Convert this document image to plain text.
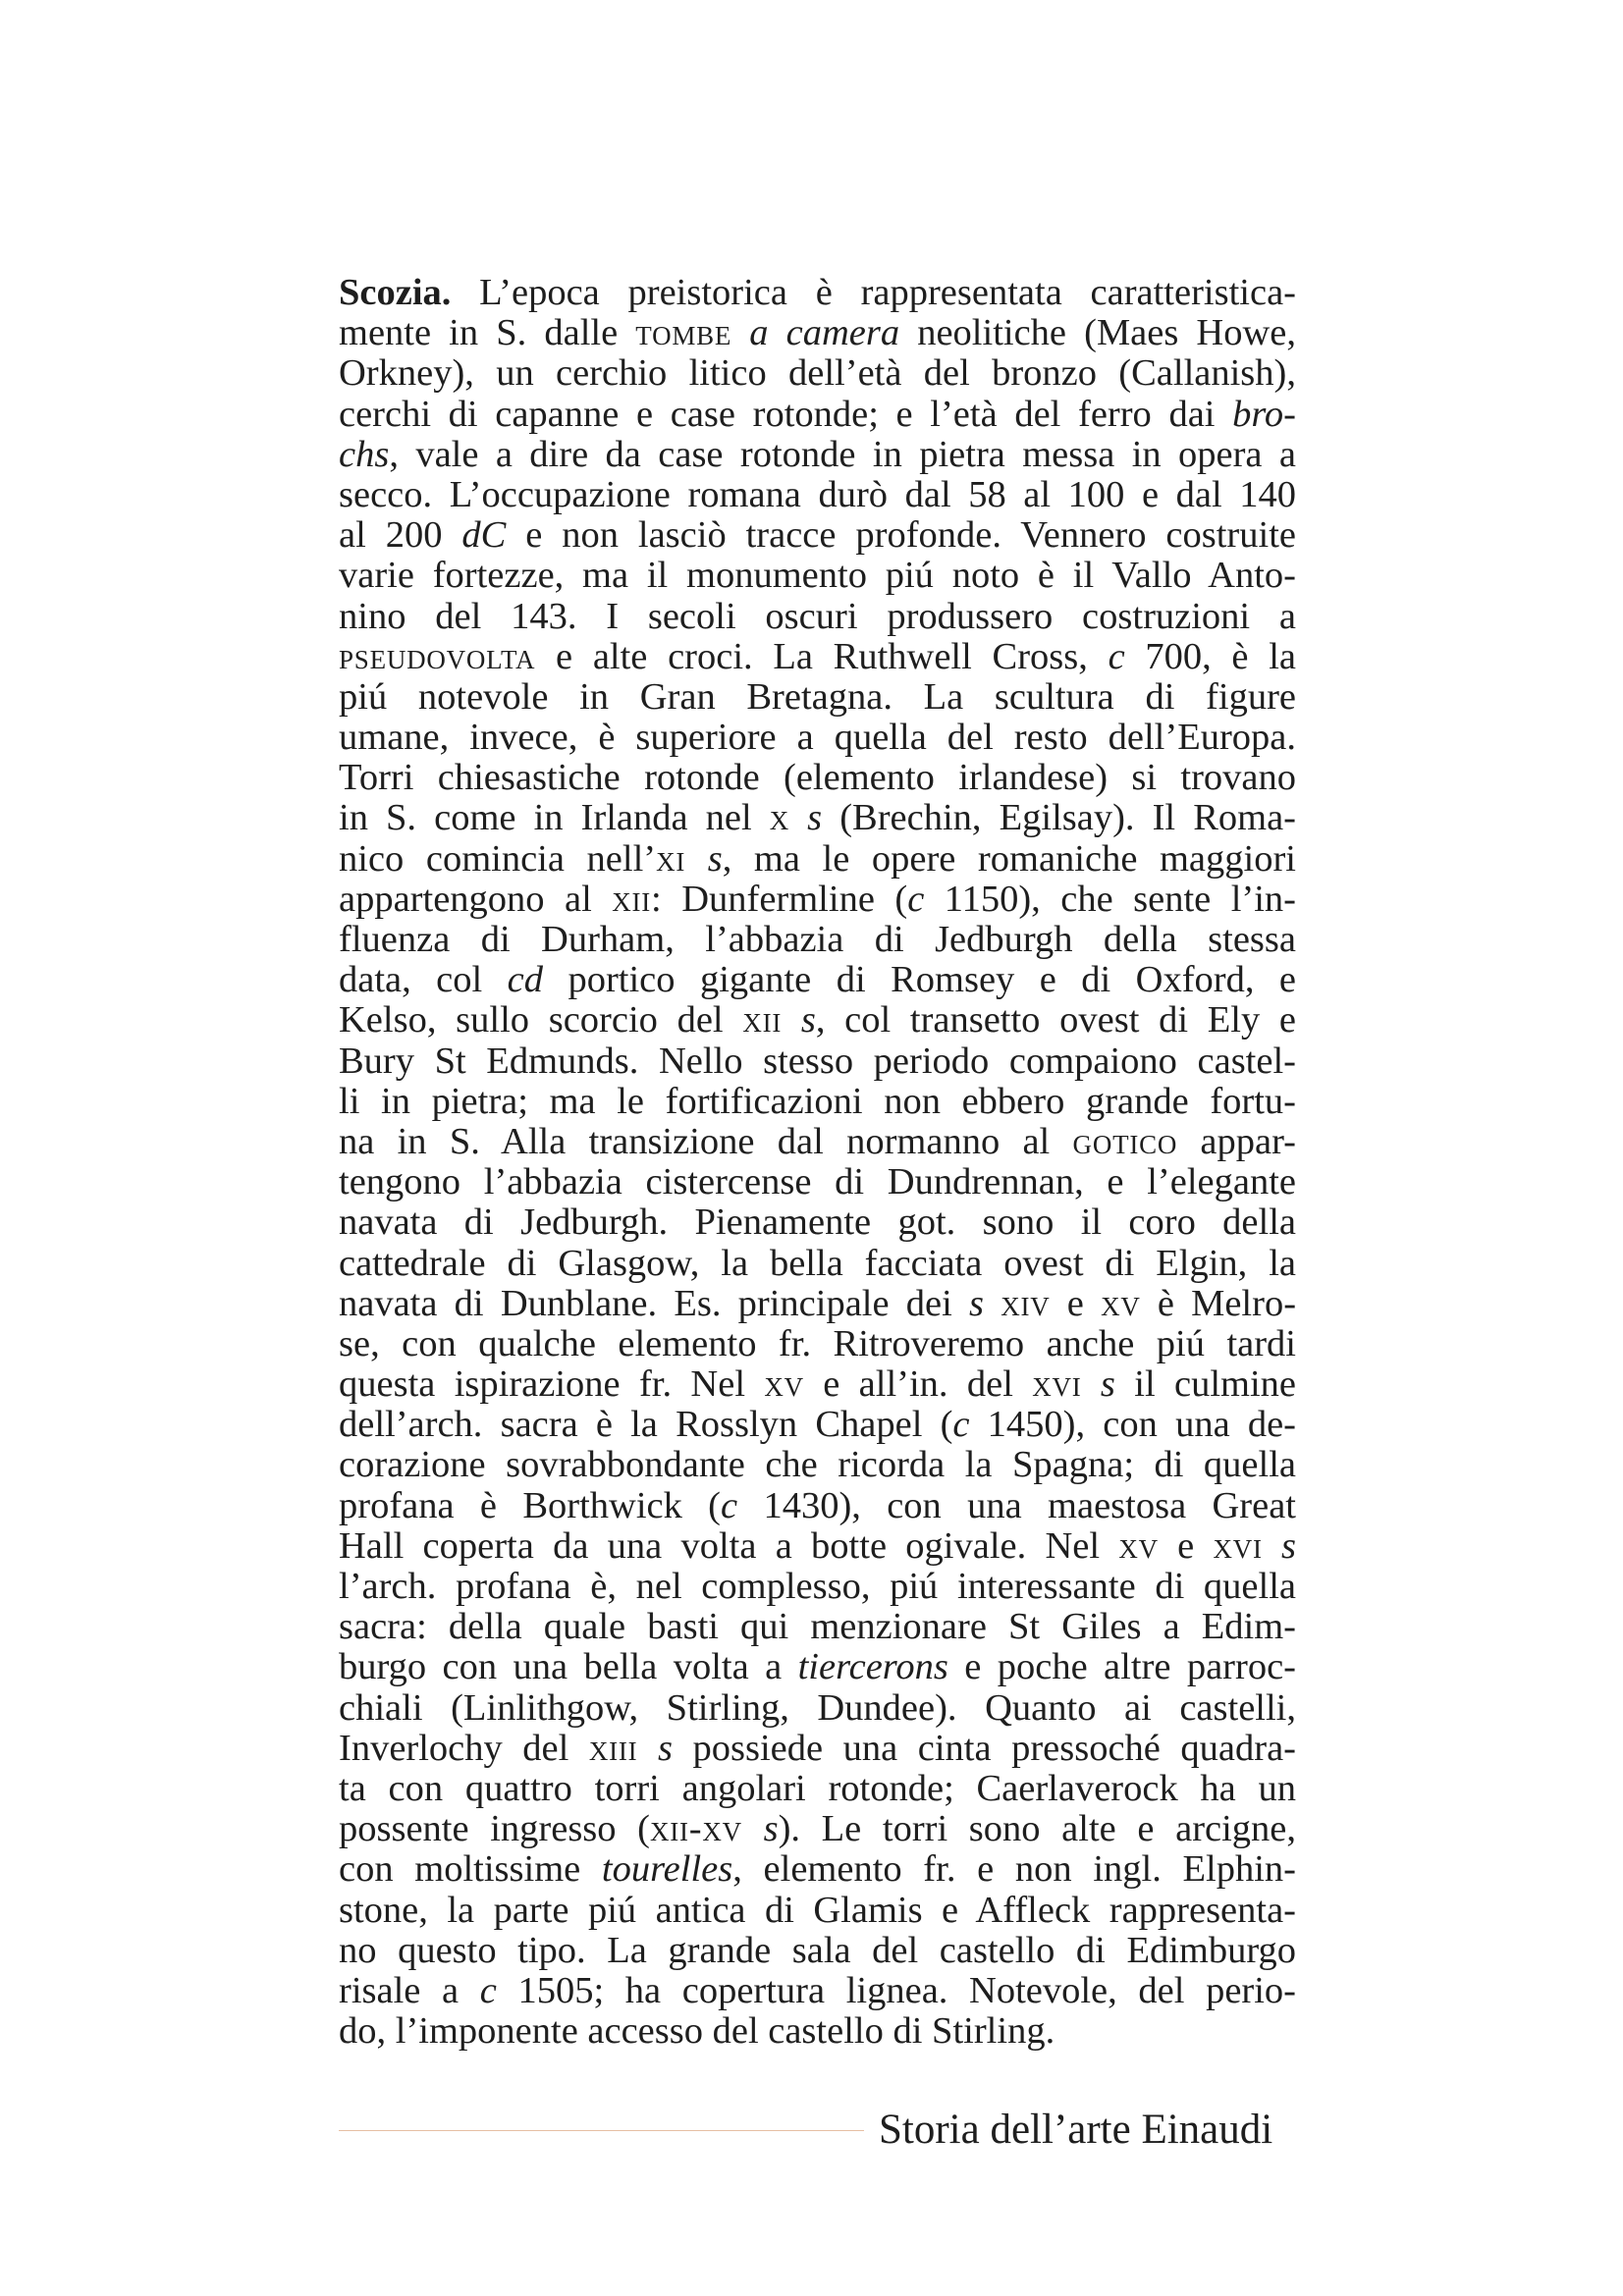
Scozia. L’epoca preistorica è rappresentata caratteristica-
mente in S. dalle tombe a camera neolitiche (Maes Howe,
Orkney), un cerchio litico dell’età del bronzo (Callanish),
cerchi di capanne e case rotonde; e l’età del ferro dai bro-
chs, vale a dire da case rotonde in pietra messa in opera a
secco. L’occupazione romana durò dal 58 al 100 e dal 140
al 200 dC e non lasciò tracce profonde. Vennero costruite
varie fortezze, ma il monumento piú noto è il Vallo Anto-
nino del 143. I secoli oscuri produssero costruzioni a
pseudovolta e alte croci. La Ruthwell Cross, c 700, è la
piú notevole in Gran Bretagna. La scultura di figure
umane, invece, è superiore a quella del resto dell’Europa.
Torri chiesastiche rotonde (elemento irlandese) si trovano
in S. come in Irlanda nel x s (Brechin, Egilsay). Il Roma-
nico comincia nell’xi s, ma le opere romaniche maggiori
appartengono al xii: Dunfermline (c 1150), che sente l’in-
fluenza di Durham, l’abbazia di Jedburgh della stessa
data, col cd portico gigante di Romsey e di Oxford, e
Kelso, sullo scorcio del xii s, col transetto ovest di Ely e
Bury St Edmunds. Nello stesso periodo compaiono castel-
li in pietra; ma le fortificazioni non ebbero grande fortu-
na in S. Alla transizione dal normanno al gotico appar-
tengono l’abbazia cistercense di Dundrennan, e l’elegante
navata di Jedburgh. Pienamente got. sono il coro della
cattedrale di Glasgow, la bella facciata ovest di Elgin, la
navata di Dunblane. Es. principale dei s xiv e xv è Melro-
se, con qualche elemento fr. Ritroveremo anche piú tardi
questa ispirazione fr. Nel xv e all’in. del xvi s il culmine
dell’arch. sacra è la Rosslyn Chapel (c 1450), con una de-
corazione sovrabbondante che ricorda la Spagna; di quella
profana è Borthwick (c 1430), con una maestosa Great
Hall coperta da una volta a botte ogivale. Nel xv e xvi s
l’arch. profana è, nel complesso, piú interessante di quella
sacra: della quale basti qui menzionare St Giles a Edim-
burgo con una bella volta a tiercerons e poche altre parroc-
chiali (Linlithgow, Stirling, Dundee). Quanto ai castelli,
Inverlochy del xiii s possiede una cinta pressoché quadra-
ta con quattro torri angolari rotonde; Caerlaverock ha un
possente ingresso (xii-xv s). Le torri sono alte e arcigne,
con moltissime tourelles, elemento fr. e non ingl. Elphin-
stone, la parte piú antica di Glamis e Affleck rappresenta-
no questo tipo. La grande sala del castello di Edimburgo
risale a c 1505; ha copertura lignea. Notevole, del perio-
do, l’imponente accesso del castello di Stirling.
Storia dell’arte Einaudi
